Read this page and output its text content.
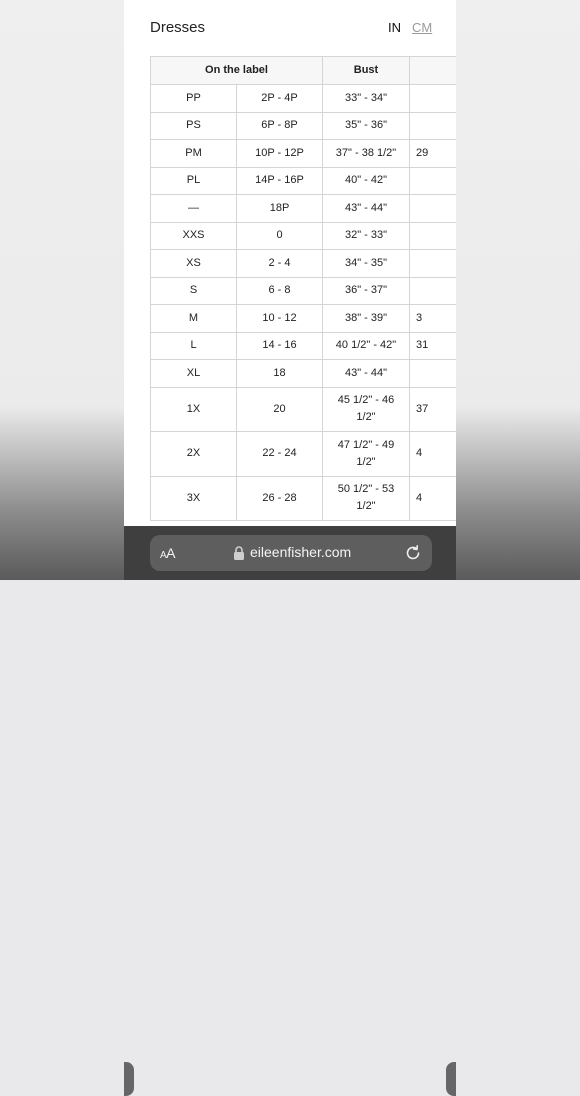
Dresses	IN CM
On the label		Bust	
PP	2P - 4P	33" - 34"	
PS	6P - 8P	35" - 36"	
PM	10P - 12P	37" - 38 1/2"	29
PL	14P - 16P	40" - 42"	
—	18P	43" - 44"	
XXS	0	32" - 33"	
XS	2 - 4	34" - 35"	
S	6 - 8	36" - 37"	
M	10 - 12	38" - 39"	3
L	14 - 16	40 1/2" - 42"	31
XL	18	43" - 44"	
1X	20	45 1/2" - 46 1/2"	37
2X	22 - 24	47 1/2" - 49 1/2"	4
3X	26 - 28	50 1/2" - 53 1/2"	4
AA	eileenfisher.com
